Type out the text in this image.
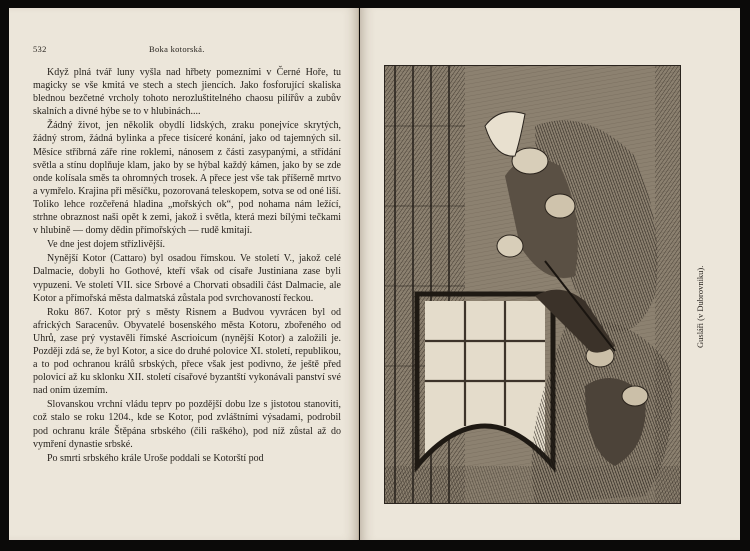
532	Boka kotorská.

Když plná tvář luny vyšla nad hřbety pomezními v Černé Hoře, tu magicky se vše kmitá ve stech a stech jiencích. Jako fosforující skaliska blednou bezčetné vrcholy tohoto nerozluštitelného chaosu pilířův a zubův skalních a divné hýbe se to v hlubinách....

Žádný život, jen několik obydlí lidských, zraku ponejvíce skrytých, žádný strom, žádná bylinka a přece tisíceré konání, jako od tajemných sil. Měsíce stříbrná záře rine roklemi, nánosem z části zasypanými, a střídání světla a stínu doplňuje klam, jako by se hýbal každý kámen, jako by se zde onde kolísala směs ta ohromných trosek. A přece jest vše tak příšerně mrtvo a vymřelo. Krajina při měsíčku, pozorovaná teleskopem, sotva se od oné liší. Toliko lehce rozčeřená hladina „mořských ok“, pod nohama nám ležící, strhne obraznost naši opět k zemi, jakož i světla, která mezi bílými tečkami v hlubině — domy dědin přímořských — rudě kmitají.

Ve dne jest dojem střízlivější.

Nynější Kotor (Cattaro) byl osadou římskou. Ve století V., jakož celé Dalmacie, dobyli ho Gothové, kteří však od císaře Justiniana zase byli vypuzeni. Ve století VII. sice Srbové a Chorvati obsadili část Dalmacie, ale Kotor a přímořská města dalmatská zůstala pod svrchovaností řeckou.

Roku 867. Kotor prý s městy Risnem a Budvou vyvrácen byl od afrických Saracenův. Obyvatelé bosenského města Kotoru, zbořeného od Uhrů, zase prý vystavěli římské Ascrioicum (nynější Kotor) a založili je. Později zdá se, že byl Kotor, a sice do druhé polovice XI. století, republikou, a to pod ochranou králů srbských, přece však jest podivno, že ještě před polovicí až ku sklonku XII. století císařové byzantští vykonávali panství své nad oním územím.

Slovanskou vrchní vládu teprv po pozdější dobu lze s jistotou stanoviti, což stalo se roku 1204., kde se Kotor, pod zvláštními výsadami, podrobil pod ochranu krále Štěpána srbského (čili raškého), pod níž zůstal až do vymření dynastie srbské.

Po smrti srbského krále Uroše poddali se Kotorští pod

Gusláři (v Dubrovniku).
